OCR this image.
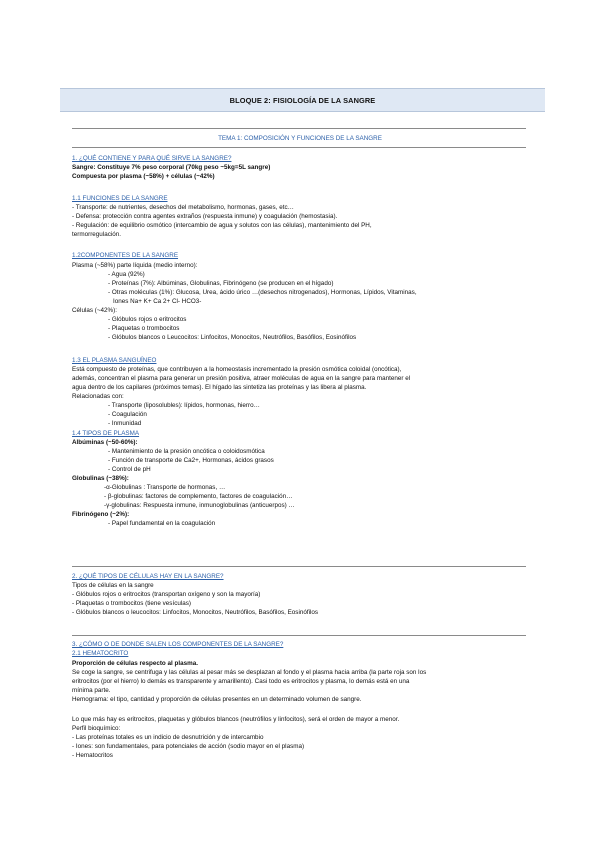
BLOQUE 2: FISIOLOGÍA DE LA SANGRE
TEMA 1: COMPOSICIÓN Y FUNCIONES DE LA SANGRE
1. ¿QUÉ CONTIENE Y PARA QUÉ SIRVE LA SANGRE?
Sangre: Constituye 7% peso corporal (70kg peso ~5kg=5L sangre)
Compuesta por plasma (~58%) + células (~42%)
1.1 FUNCIONES DE LA SANGRE
- Transporte: de nutrientes, desechos del metabolismo, hormonas, gases, etc…
- Defensa: protección contra agentes extraños (respuesta inmune) y coagulación (hemostasia).
- Regulación: de equilibrio osmótico (intercambio de agua y solutos con las células), mantenimiento del PH,
termorregulación.
1.2COMPONENTES DE LA SANGRE
Plasma (~58%) parte líquida (medio interno):
- Agua (92%)
- Proteínas (7%): Albúminas, Globulinas, Fibrinógeno (se producen en el hígado)
- Otras moléculas (1%): Glucosa, Urea, ácido úrico …(desechos nitrogenados), Hormonas, Lípidos, Vitaminas,
Iones Na+ K+ Ca 2+ Cl- HCO3-
Células (~42%):
- Glóbulos rojos o eritrocitos
- Plaquetas o trombocitos
- Glóbulos blancos o Leucocitos: Linfocitos, Monocitos, Neutrófilos, Basófilos, Eosinófilos
1.3 EL PLASMA SANGUÍNEO
Está compuesto de proteínas, que contribuyen a la homeostasis incrementado la presión osmótica coloidal (oncótica),
además, concentran el plasma para generar un presión positiva, atraer moléculas de agua en la sangre para mantener el
agua dentro de los capilares (próximos temas). El hígado las sintetiza las proteínas y las libera al plasma.
Relacionadas con:
- Transporte (liposolubles): lípidos, hormonas, hierro…
- Coagulación
- Inmunidad
1.4 TIPOS DE PLASMA
Albúminas (~50-60%):
- Mantenimiento de la presión oncótica o coloidosmótica
- Función de transporte de Ca2+, Hormonas, ácidos grasos
- Control de pH
Globulinas (~38%):
-α-Globulinas : Transporte de hormonas, …
- β-globulinas: factores de complemento, factores de coagulación…
-γ-globulinas: Respuesta inmune, inmunoglobulinas (anticuerpos) …
Fibrinógeno (~2%):
- Papel fundamental en la coagulación
2. ¿QUÉ TIPOS DE CÉLULAS HAY EN LA SANGRE?
Tipos de células en la sangre
- Glóbulos rojos o eritrocitos (transportan oxígeno y son la mayoría)
- Plaquetas o trombocitos (tiene vesículas)
- Glóbulos blancos o leucocitos: Linfocitos, Monocitos, Neutrófilos, Basófilos, Eosinófilos
3. ¿CÓMO O DE DONDE SALEN LOS COMPONENTES DE LA SANGRE?
2.1 HEMATOCRITO
Proporción de células respecto al plasma.
Se coge la sangre, se centrifuga y las células al pesar más se desplazan al fondo y el plasma hacia arriba (la parte roja son los
eritrocitos (por el hierro) lo demás es transparente y amarillento). Casi todo es eritrocitos y plasma, lo demás está en una
mínima parte.
Hemograma: el tipo, cantidad y proporción de células presentes en un determinado volumen de sangre.
Lo que más hay es eritrocitos, plaquetas y glóbulos blancos (neutrófilos y linfocitos), será el orden de mayor a menor.
Perfil bioquímico:
- Las proteínas totales es un indicio de desnutrición y de intercambio
- Iones: son fundamentales, para potenciales de acción (sodio mayor en el plasma)
- Hematocritos
